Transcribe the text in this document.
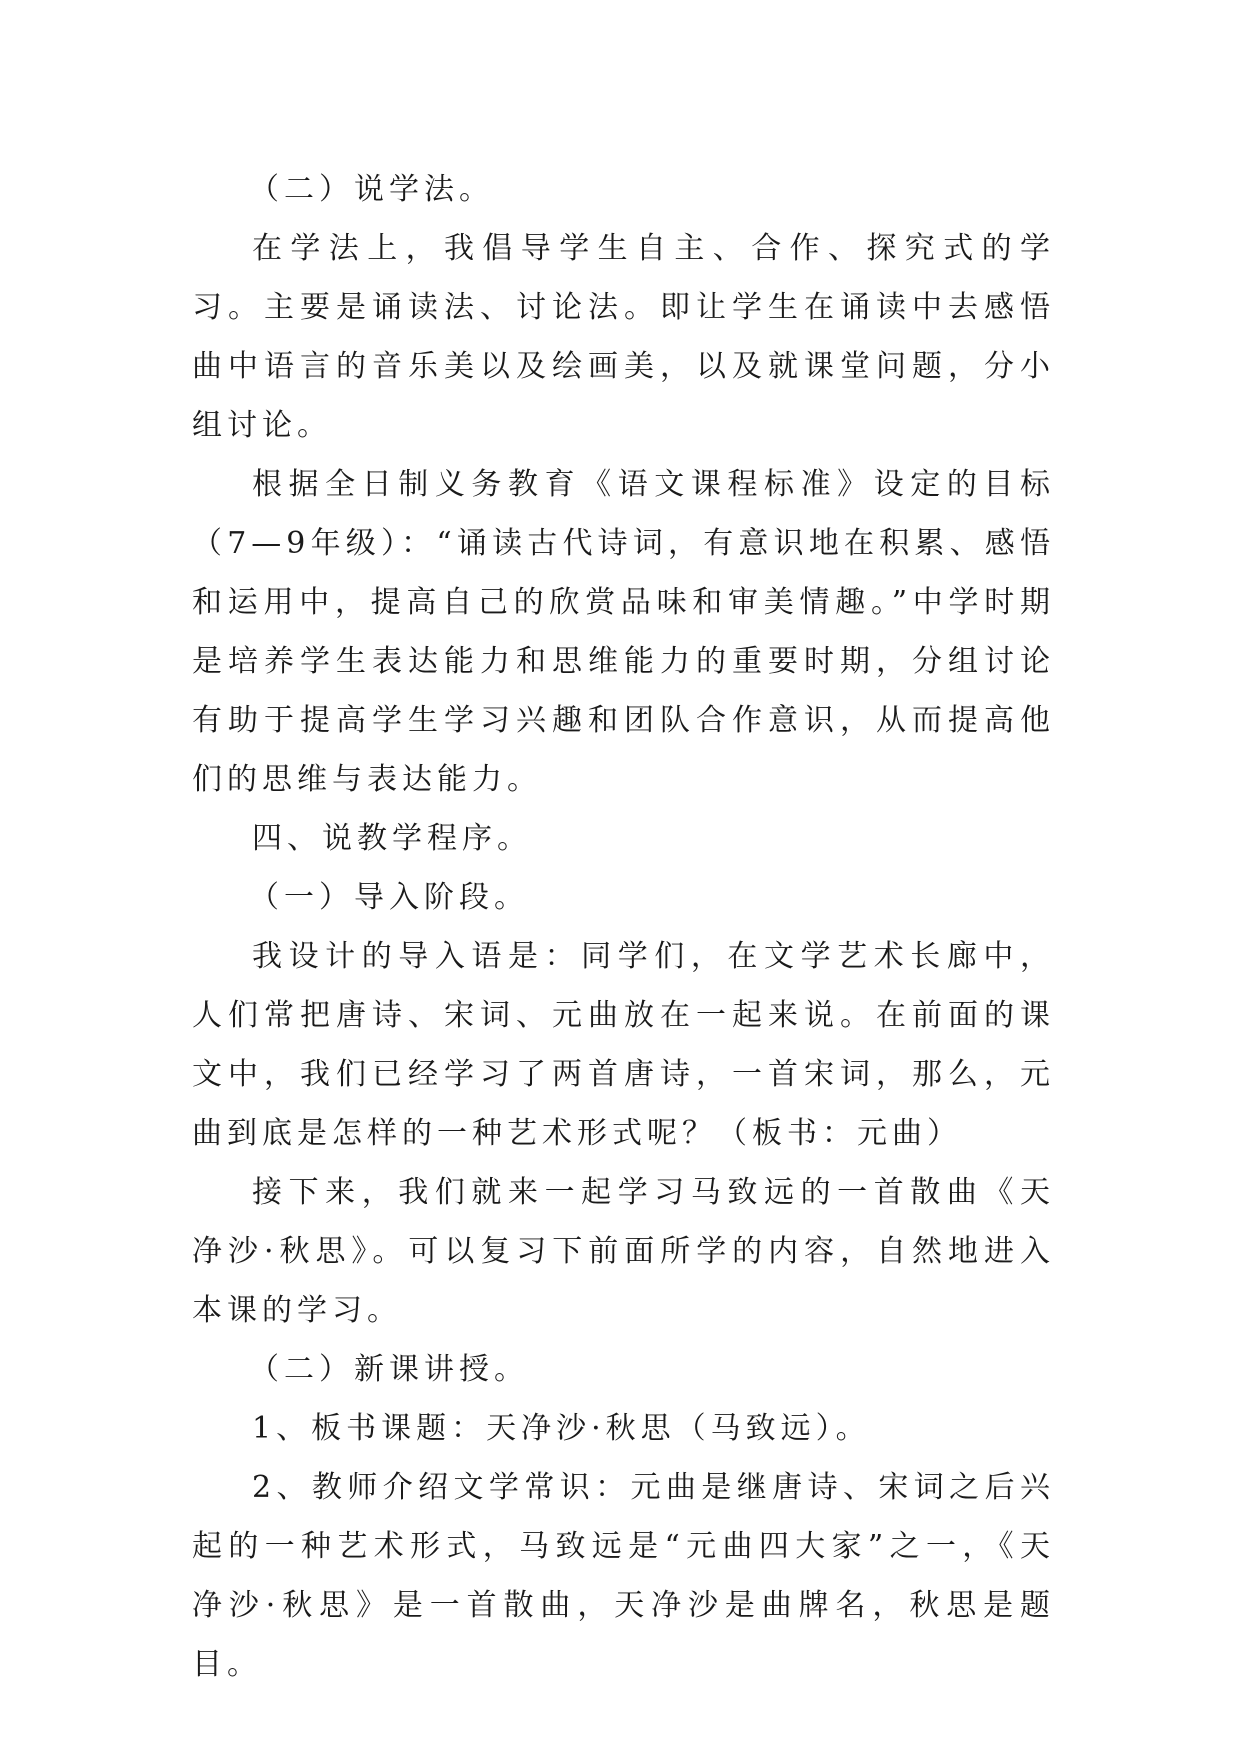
（二）说学法。

在学法上，我倡导学生自主、合作、探究式的学习。主要是诵读法、讨论法。即让学生在诵读中去感悟曲中语言的音乐美以及绘画美，以及就课堂问题，分小组讨论。

根据全日制义务教育《语文课程标准》设定的目标（7—9年级）：“诵读古代诗词，有意识地在积累、感悟和运用中，提高自己的欣赏品味和审美情趣。”中学时期是培养学生表达能力和思维能力的重要时期，分组讨论有助于提高学生学习兴趣和团队合作意识，从而提高他们的思维与表达能力。

四、说教学程序。

（一）导入阶段。

我设计的导入语是：同学们，在文学艺术长廊中，人们常把唐诗、宋词、元曲放在一起来说。在前面的课文中，我们已经学习了两首唐诗，一首宋词，那么，元曲到底是怎样的一种艺术形式呢？（板书：元曲）

接下来，我们就来一起学习马致远的一首散曲《天净沙·秋思》。可以复习下前面所学的内容，自然地进入本课的学习。

（二）新课讲授。

1、板书课题：天净沙·秋思（马致远）。

2、教师介绍文学常识：元曲是继唐诗、宋词之后兴起的一种艺术形式，马致远是“元曲四大家”之一，《天净沙·秋思》是一首散曲，天净沙是曲牌名，秋思是题目。
